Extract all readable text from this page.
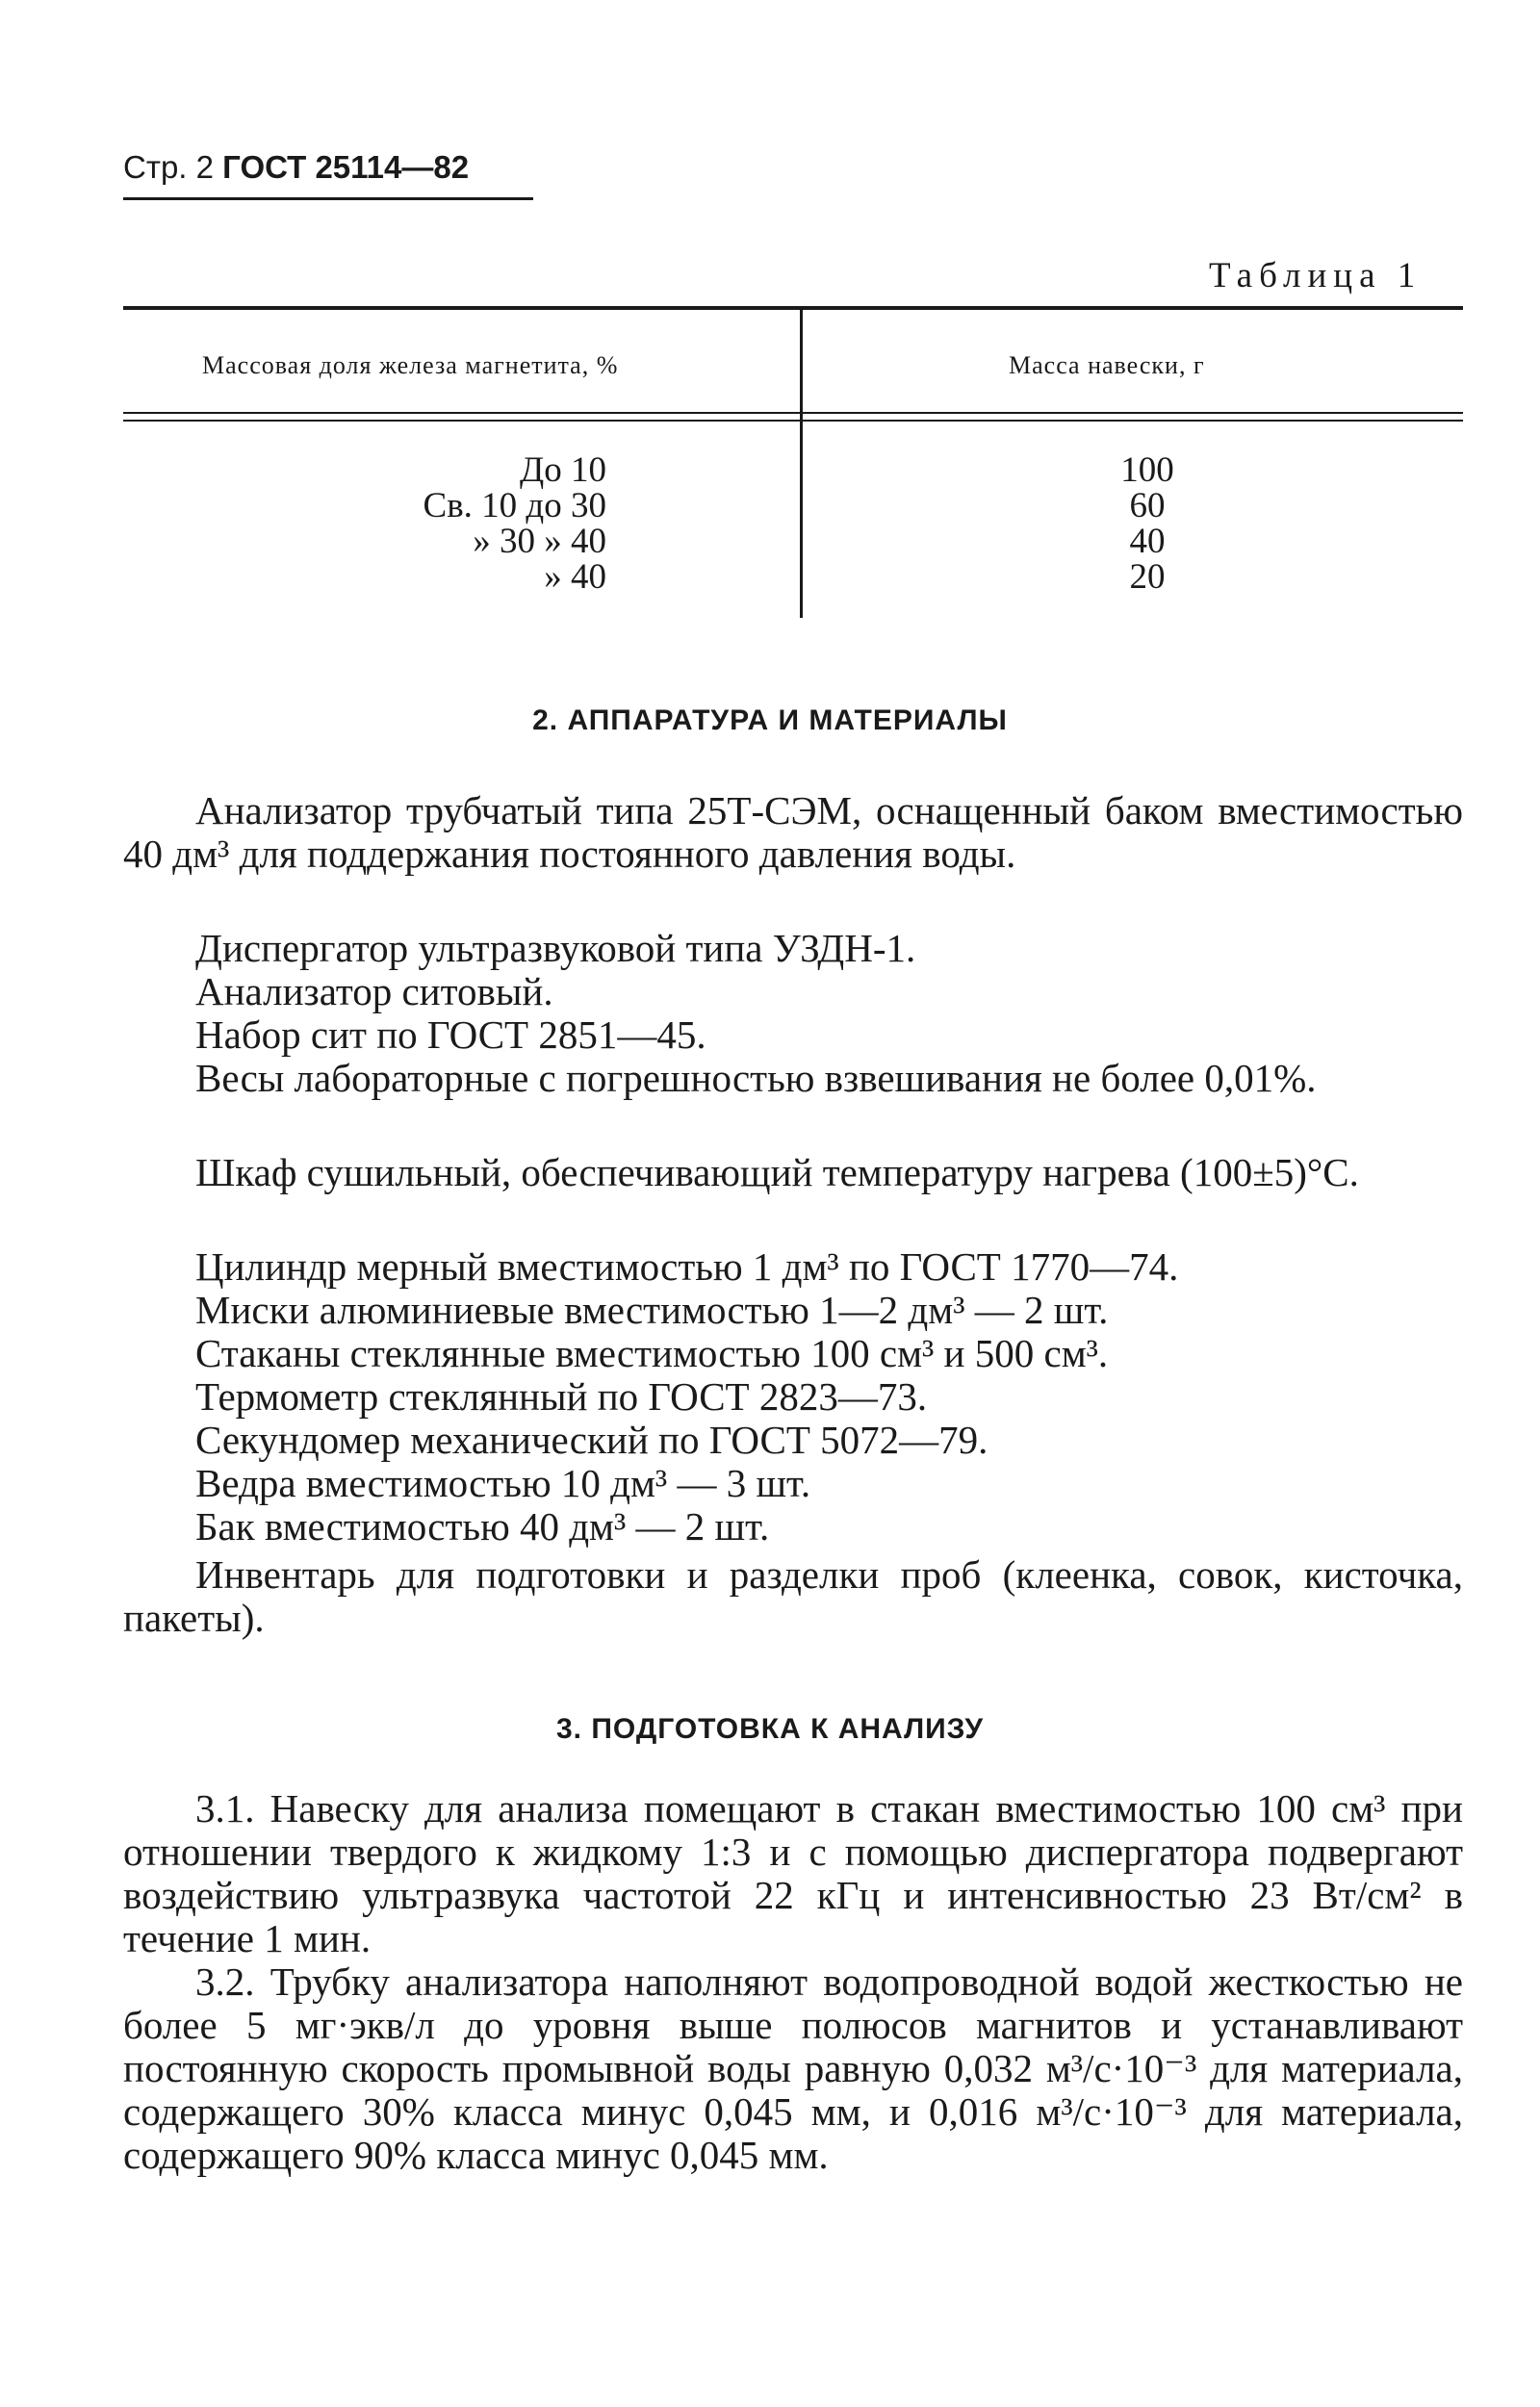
Стр. 2 ГОСТ 25114—82
Таблица 1
Массовая доля железа магнетита, %	Масса навески, г
До 10	100
Св. 10 до 30	60
» 30 » 40	40
» 40	20
2. АППАРАТУРА И МАТЕРИАЛЫ
Анализатор трубчатый типа 25Т-СЭМ, оснащенный баком вместимостью 40 дм³ для поддержания постоянного давления воды.
Диспергатор ультразвуковой типа УЗДН-1.
Анализатор ситовый.
Набор сит по ГОСТ 2851—45.
Весы лабораторные с погрешностью взвешивания не более 0,01%.
Шкаф сушильный, обеспечивающий температуру нагрева (100±5)°С.
Цилиндр мерный вместимостью 1 дм³ по ГОСТ 1770—74.
Миски алюминиевые вместимостью 1—2 дм³ — 2 шт.
Стаканы стеклянные вместимостью 100 см³ и 500 см³.
Термометр стеклянный по ГОСТ 2823—73.
Секундомер механический по ГОСТ 5072—79.
Ведра вместимостью 10 дм³ — 3 шт.
Бак вместимостью 40 дм³ — 2 шт.
Инвентарь для подготовки и разделки проб (клеенка, совок, кисточка, пакеты).
3. ПОДГОТОВКА К АНАЛИЗУ
3.1. Навеску для анализа помещают в стакан вместимостью 100 см³ при отношении твердого к жидкому 1:3 и с помощью диспергатора подвергают воздействию ультразвука частотой 22 кГц и интенсивностью 23 Вт/см² в течение 1 мин.
3.2. Трубку анализатора наполняют водопроводной водой жесткостью не более 5 мг·экв/л до уровня выше полюсов магнитов и устанавливают постоянную скорость промывной воды равную 0,032 м³/с·10⁻³ для материала, содержащего 30% класса минус 0,045 мм, и 0,016 м³/с·10⁻³ для материала, содержащего 90% класса минус 0,045 мм.
